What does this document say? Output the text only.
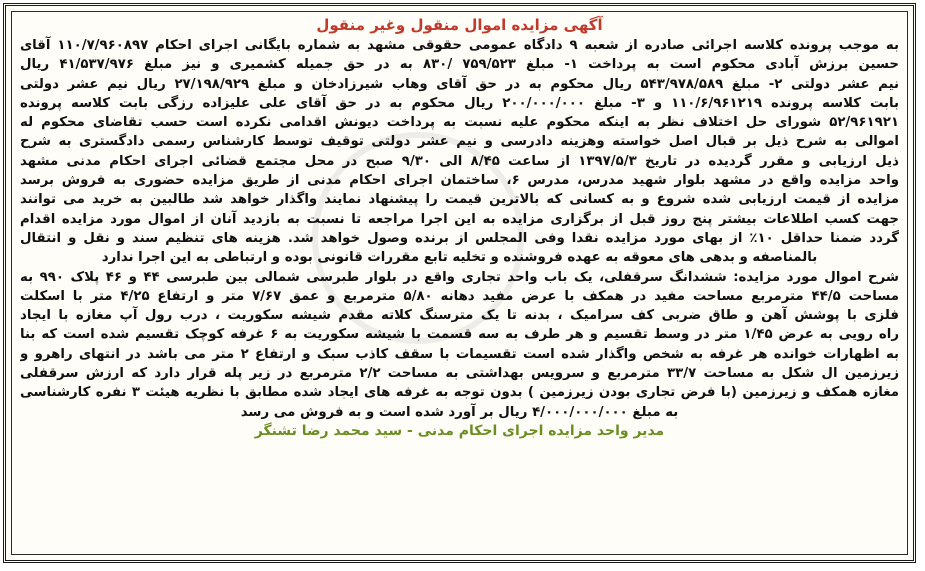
آگهی مزایده اموال منقول وغیر منقول
به موجب پرونده کلاسه اجرائی صادره از شعبه ۹ دادگاه عمومی حقوقی مشهد به شماره بایگانی اجرای احکام ۱۱۰/۷/۹۶۰۸۹۷ آقای
حسین برزش آبادی محکوم است به پرداخت ۱- مبلغ ۷۵۹/۵۲۳ /۸۳۰ به در حق جمیله کشمیری و نیز مبلغ ۴۱/۵۳۷/۹۷۶ ریال
نیم عشر دولتی ۲- مبلغ ۵۴۳/۹۷۸/۵۸۹ ریال محکوم به در حق آقای وهاب شیرزادخان و مبلغ ۲۷/۱۹۸/۹۲۹ ریال نیم عشر دولتی
بابت کلاسه پرونده ۱۱۰/۶/۹۶۱۲۱۹ و ۳- مبلغ ۲۰۰/۰۰۰/۰۰۰ ریال محکوم به در حق آقای علی علیزاده رزگی بابت کلاسه پرونده
۵۲/۹۶۱۹۲۱ شورای حل اختلاف نظر به اینکه محکوم علیه نسبت به پرداخت دیونش اقدامی نکرده است حسب تقاضای محکوم له
اموالی به شرح ذیل بر قبال اصل خواسته وهزینه دادرسی و نیم عشر دولتی توقیف توسط کارشناس رسمی دادگستری به شرح
ذیل ارزیابی و مقرر گردیده در تاریخ ۱۳۹۷/۵/۳ از ساعت ۸/۴۵ الی ۹/۳۰ صبح در محل مجتمع قضائی اجرای احکام مدنی مشهد
واحد مزایده واقع در مشهد بلوار شهید مدرس، مدرس ۶، ساختمان اجرای احکام مدنی از طریق مزایده حضوری به فروش برسد
مزایده از قیمت ارزیابی شده شروع و به کسانی که بالاترین قیمت را پیشنهاد نمایند واگذار خواهد شد طالبین به خرید می توانند
جهت کسب اطلاعات بیشتر پنج روز قبل از برگزاری مزایده به این اجرا مراجعه تا نسبت به بازدید آنان از اموال مورد مزایده اقدام
گردد ضمنا حداقل ۱۰٪ از بهای مورد مزایده نقدا وفی المجلس از برنده وصول خواهد شد. هزینه های تنظیم سند و نقل و انتقال
بالمناصفه و بدهی های معوقه به عهده فروشنده و تخلیه تابع مقررات قانونی بوده و ارتباطی به این اجرا ندارد
شرح اموال مورد مزایده: ششدانگ سرقفلی، یک باب واحد تجاری واقع در بلوار طبرسی شمالی بین طبرسی ۴۴ و ۴۶ پلاک ۹۹۰ به
مساحت ۴۴/۵ مترمربع مساحت مفید در همکف با عرض مفید دهانه ۵/۸۰ مترمربع و عمق ۷/۶۷ متر و ارتفاع ۴/۲۵ متر با اسکلت
فلزی با پوشش آهن و طاق ضربی کف سرامیک ، بدنه تا یک مترسنگ کلاته مقدم شیشه سکوریت ، درب رول آپ مغازه با ایجاد
راه رویی به عرض ۱/۴۵ متر در وسط تقسیم و هر طرف به سه قسمت با شیشه سکوریت به ۶ غرفه کوچک تقسیم شده است که بنا
به اظهارات خوانده هر غرفه به شخص واگذار شده است تقسیمات با سقف کاذب سبک و ارتفاع ۲ متر می باشد در انتهای راهرو و
زیرزمین ال شکل به مساحت ۳۳/۷ مترمربع و سرویس بهداشتی به مساحت ۲/۲ مترمربع در زیر پله قرار دارد که ارزش سرقفلی
مغازه همکف و زیرزمین (با فرض تجاری بودن زیرزمین ) بدون توجه به غرفه های ایجاد شده مطابق با نظریه هیئت ۳ نفره کارشناسی
به مبلغ ۴/۰۰۰/۰۰۰/۰۰۰ ریال بر آورد شده است و به فروش می رسد
مدیر واحد مزایده اجرای احکام مدنی - سید محمد رضا تشنگر
